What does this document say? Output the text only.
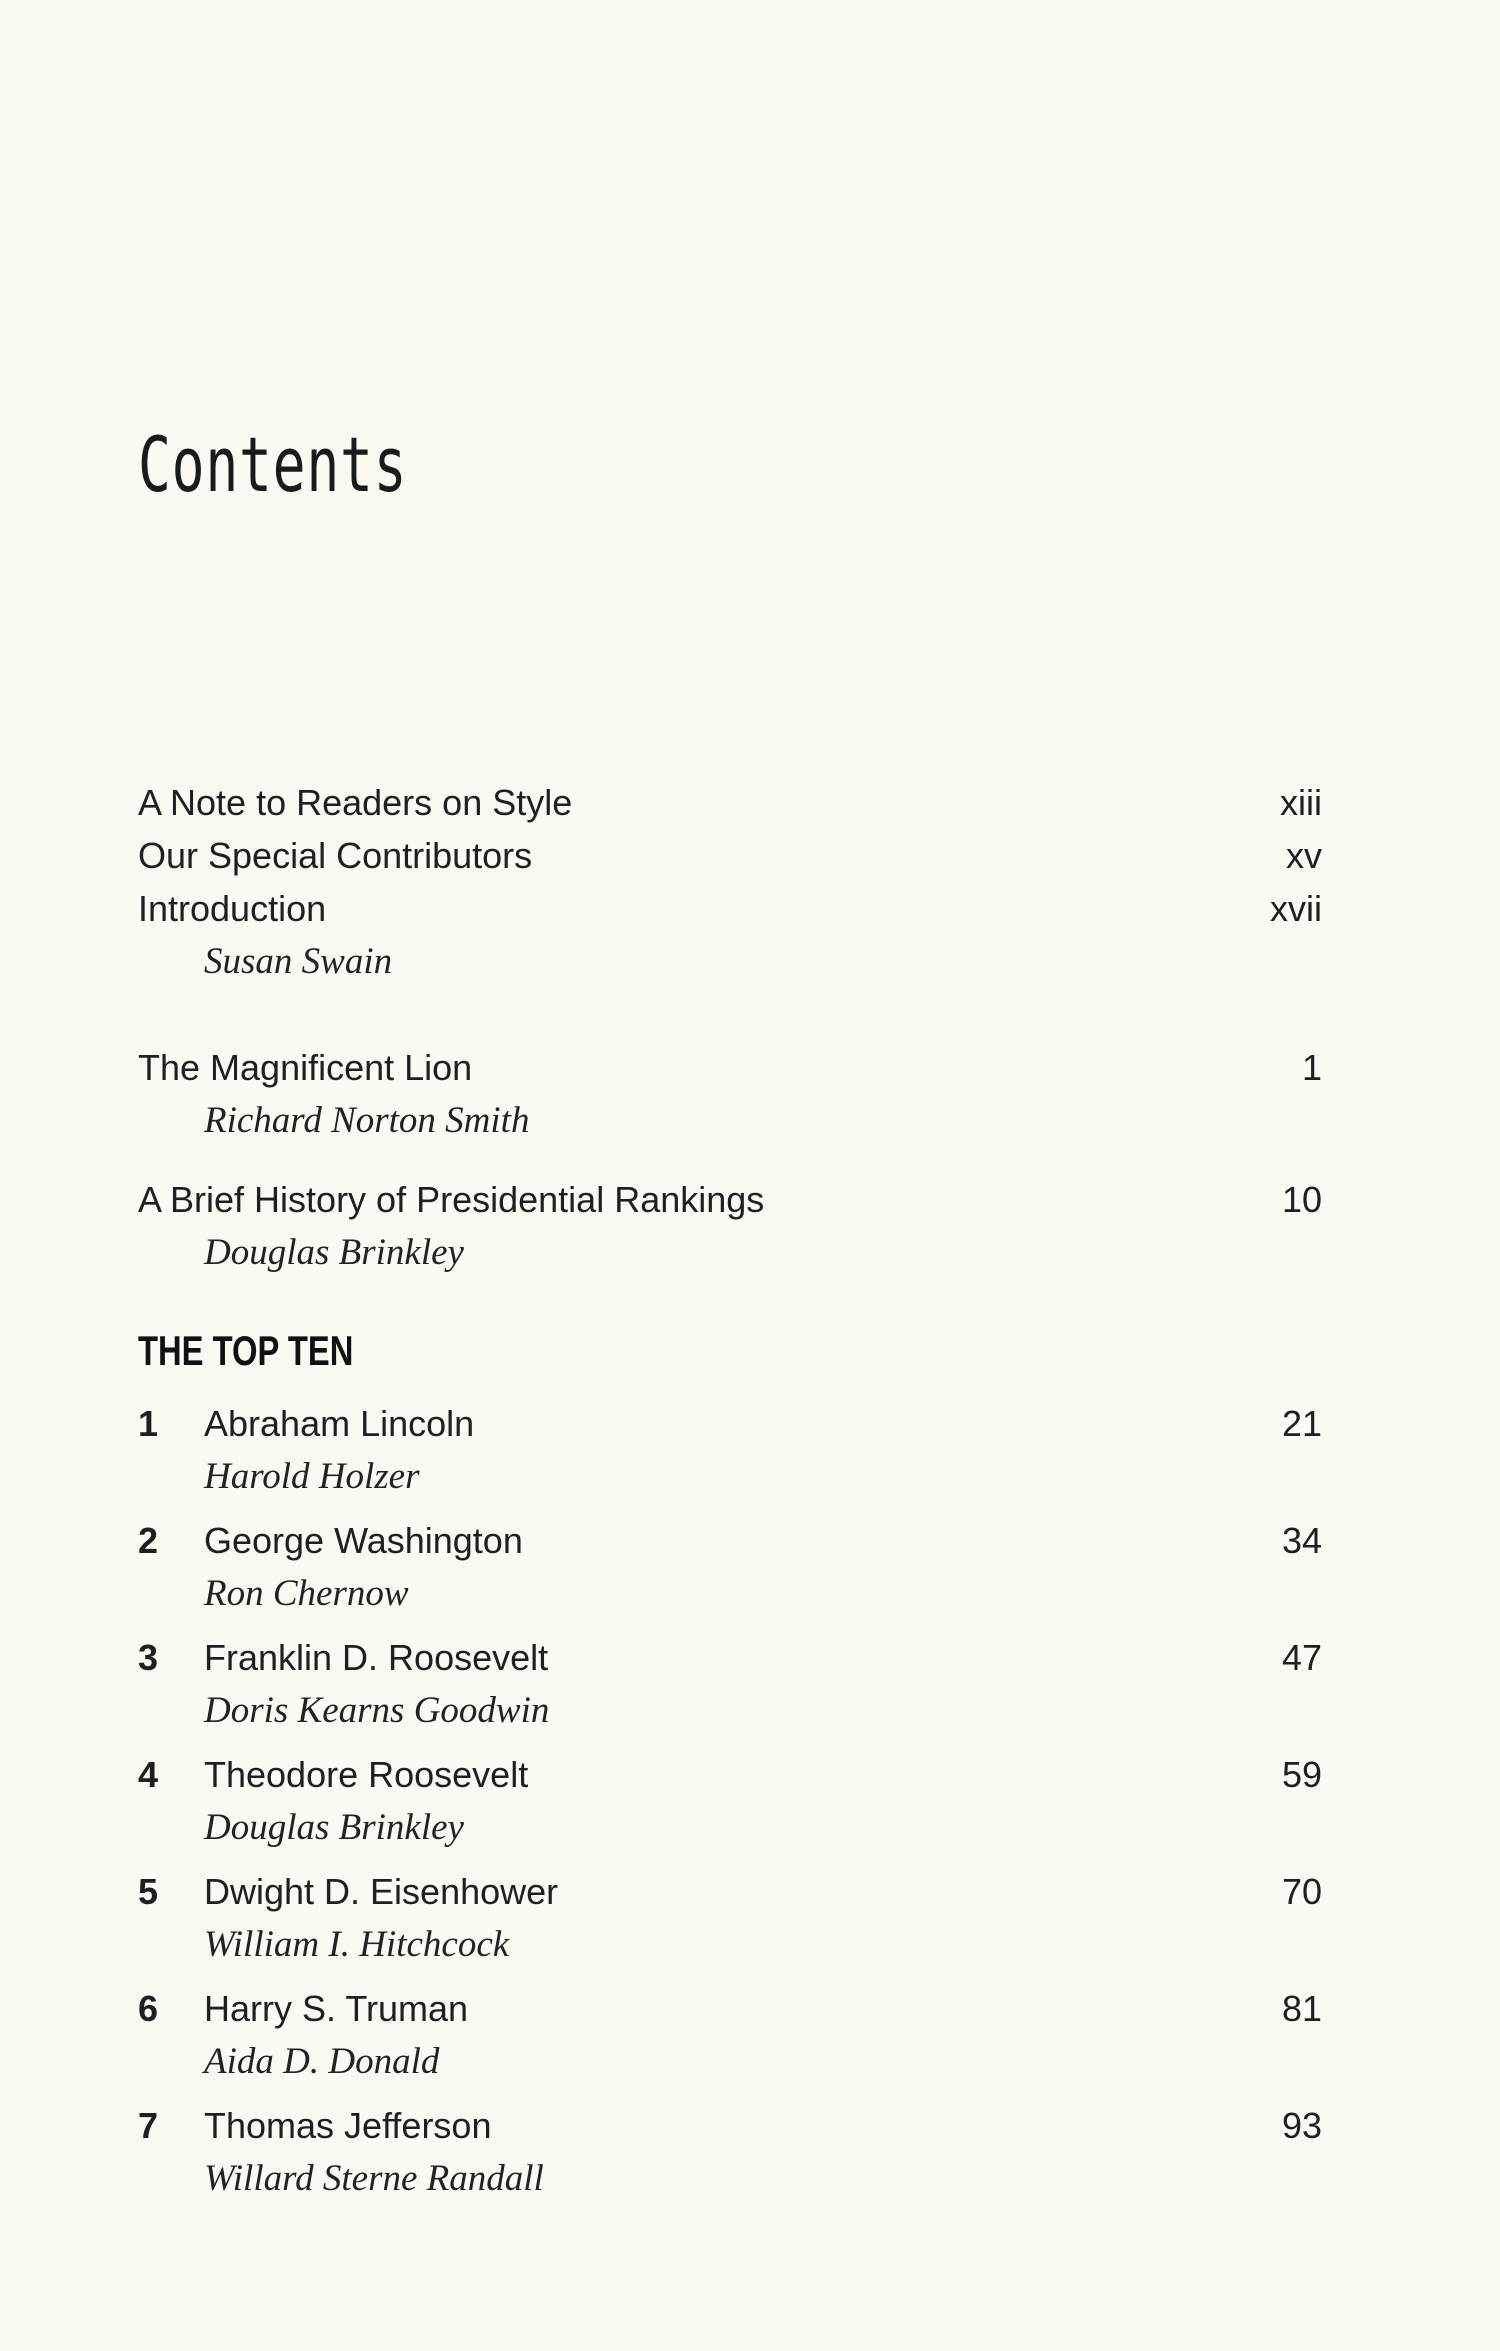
Contents
A Note to Readers on Style	xiii
Our Special Contributors	xv
Introduction	xvii
Susan Swain
The Magnificent Lion	1
Richard Norton Smith
A Brief History of Presidential Rankings	10
Douglas Brinkley
THE TOP TEN
1 Abraham Lincoln	21
Harold Holzer
2 George Washington	34
Ron Chernow
3 Franklin D. Roosevelt	47
Doris Kearns Goodwin
4 Theodore Roosevelt	59
Douglas Brinkley
5 Dwight D. Eisenhower	70
William I. Hitchcock
6 Harry S. Truman	81
Aida D. Donald
7 Thomas Jefferson	93
Willard Sterne Randall
